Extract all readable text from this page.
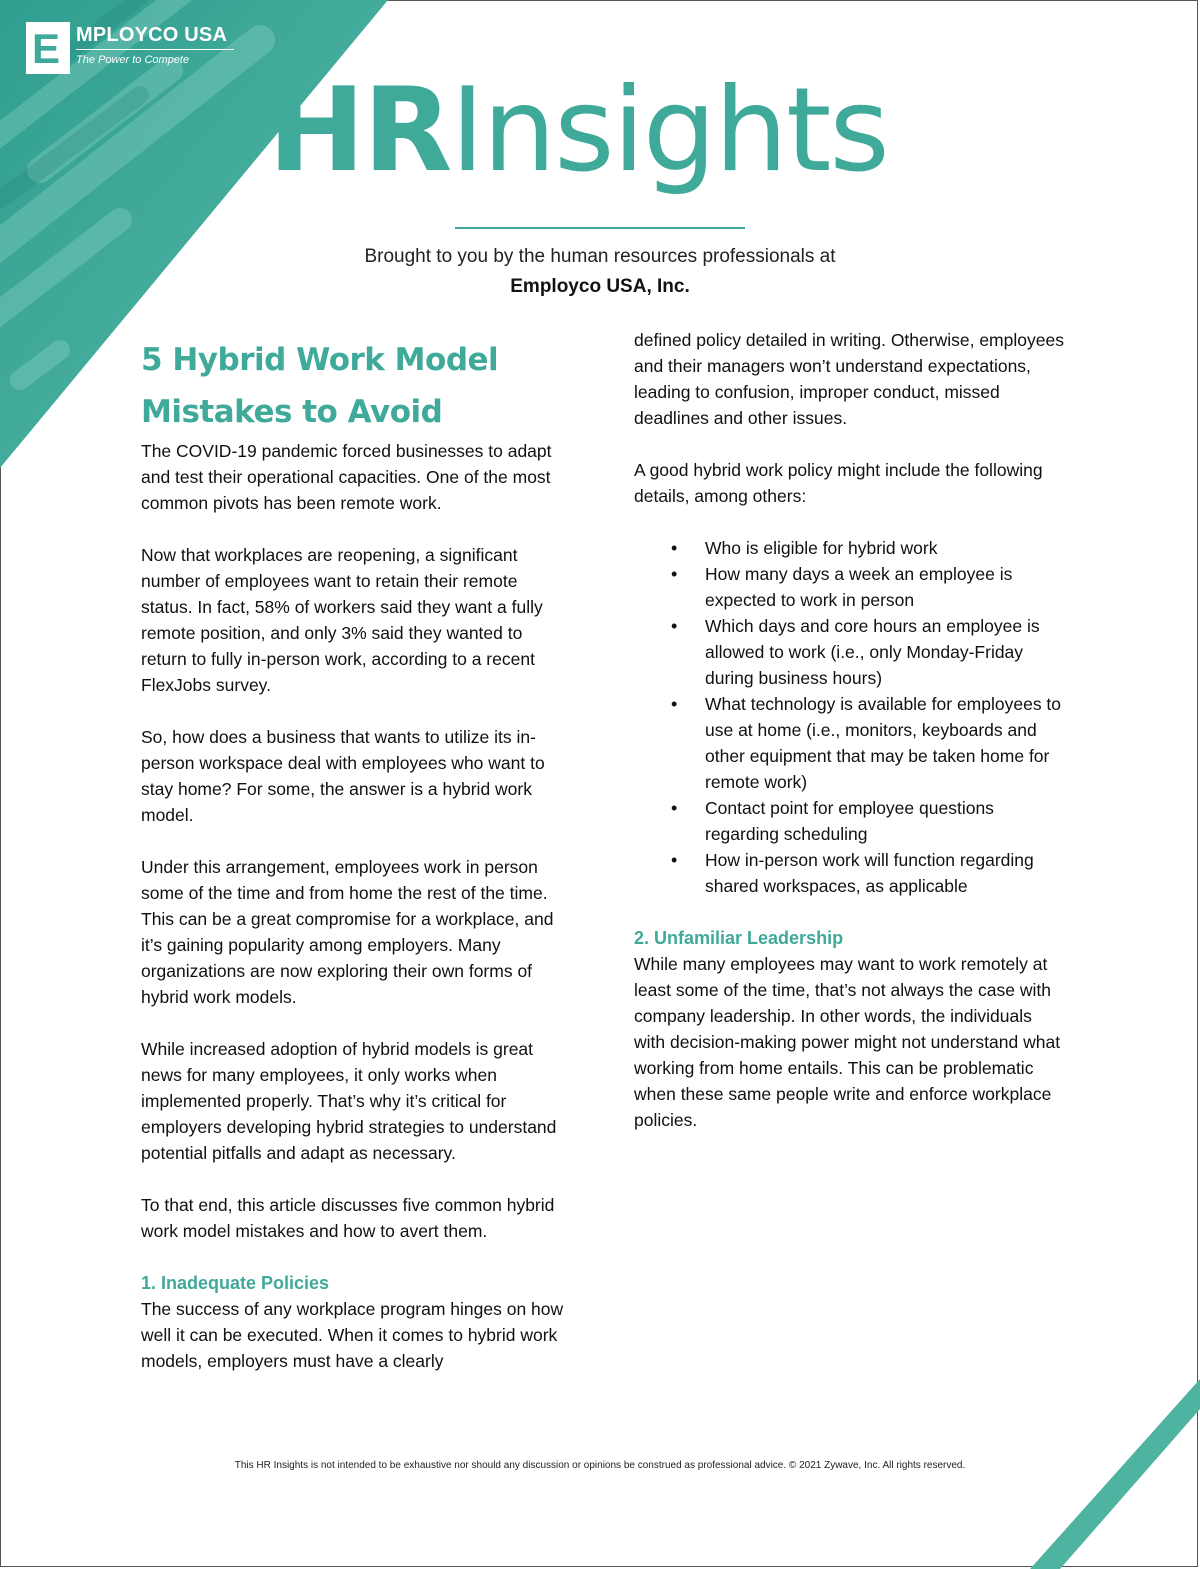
E MPLOYCO USA
The Power to Compete
HRInsights
Brought to you by the human resources professionals at
Employco USA, Inc.
5 Hybrid Work Model
Mistakes to Avoid

The COVID-19 pandemic forced businesses to adapt and test their operational capacities. One of the most common pivots has been remote work.

Now that workplaces are reopening, a significant number of employees want to retain their remote status. In fact, 58% of workers said they want a fully remote position, and only 3% said they wanted to return to fully in-person work, according to a recent FlexJobs survey.

So, how does a business that wants to utilize its in-person workspace deal with employees who want to stay home? For some, the answer is a hybrid work model.

Under this arrangement, employees work in person some of the time and from home the rest of the time. This can be a great compromise for a workplace, and it’s gaining popularity among employers. Many organizations are now exploring their own forms of hybrid work models.

While increased adoption of hybrid models is great news for many employees, it only works when implemented properly. That’s why it’s critical for employers developing hybrid strategies to understand potential pitfalls and adapt as necessary.

To that end, this article discusses five common hybrid work model mistakes and how to avert them.

1. Inadequate Policies

The success of any workplace program hinges on how well it can be executed. When it comes to hybrid work models, employers must have a clearly

defined policy detailed in writing. Otherwise, employees and their managers won’t understand expectations, leading to confusion, improper conduct, missed deadlines and other issues.

A good hybrid work policy might include the following details, among others:

• Who is eligible for hybrid work
• How many days a week an employee is expected to work in person
• Which days and core hours an employee is allowed to work (i.e., only Monday-Friday during business hours)
• What technology is available for employees to use at home (i.e., monitors, keyboards and other equipment that may be taken home for remote work)
• Contact point for employee questions regarding scheduling
• How in-person work will function regarding shared workspaces, as applicable
2. Unfamiliar Leadership

While many employees may want to work remotely at least some of the time, that’s not always the case with company leadership. In other words, the individuals with decision-making power might not understand what working from home entails. This can be problematic when these same people write and enforce workplace policies.

This HR Insights is not intended to be exhaustive nor should any discussion or opinions be construed as professional advice. © 2021 Zywave, Inc. All rights reserved.
